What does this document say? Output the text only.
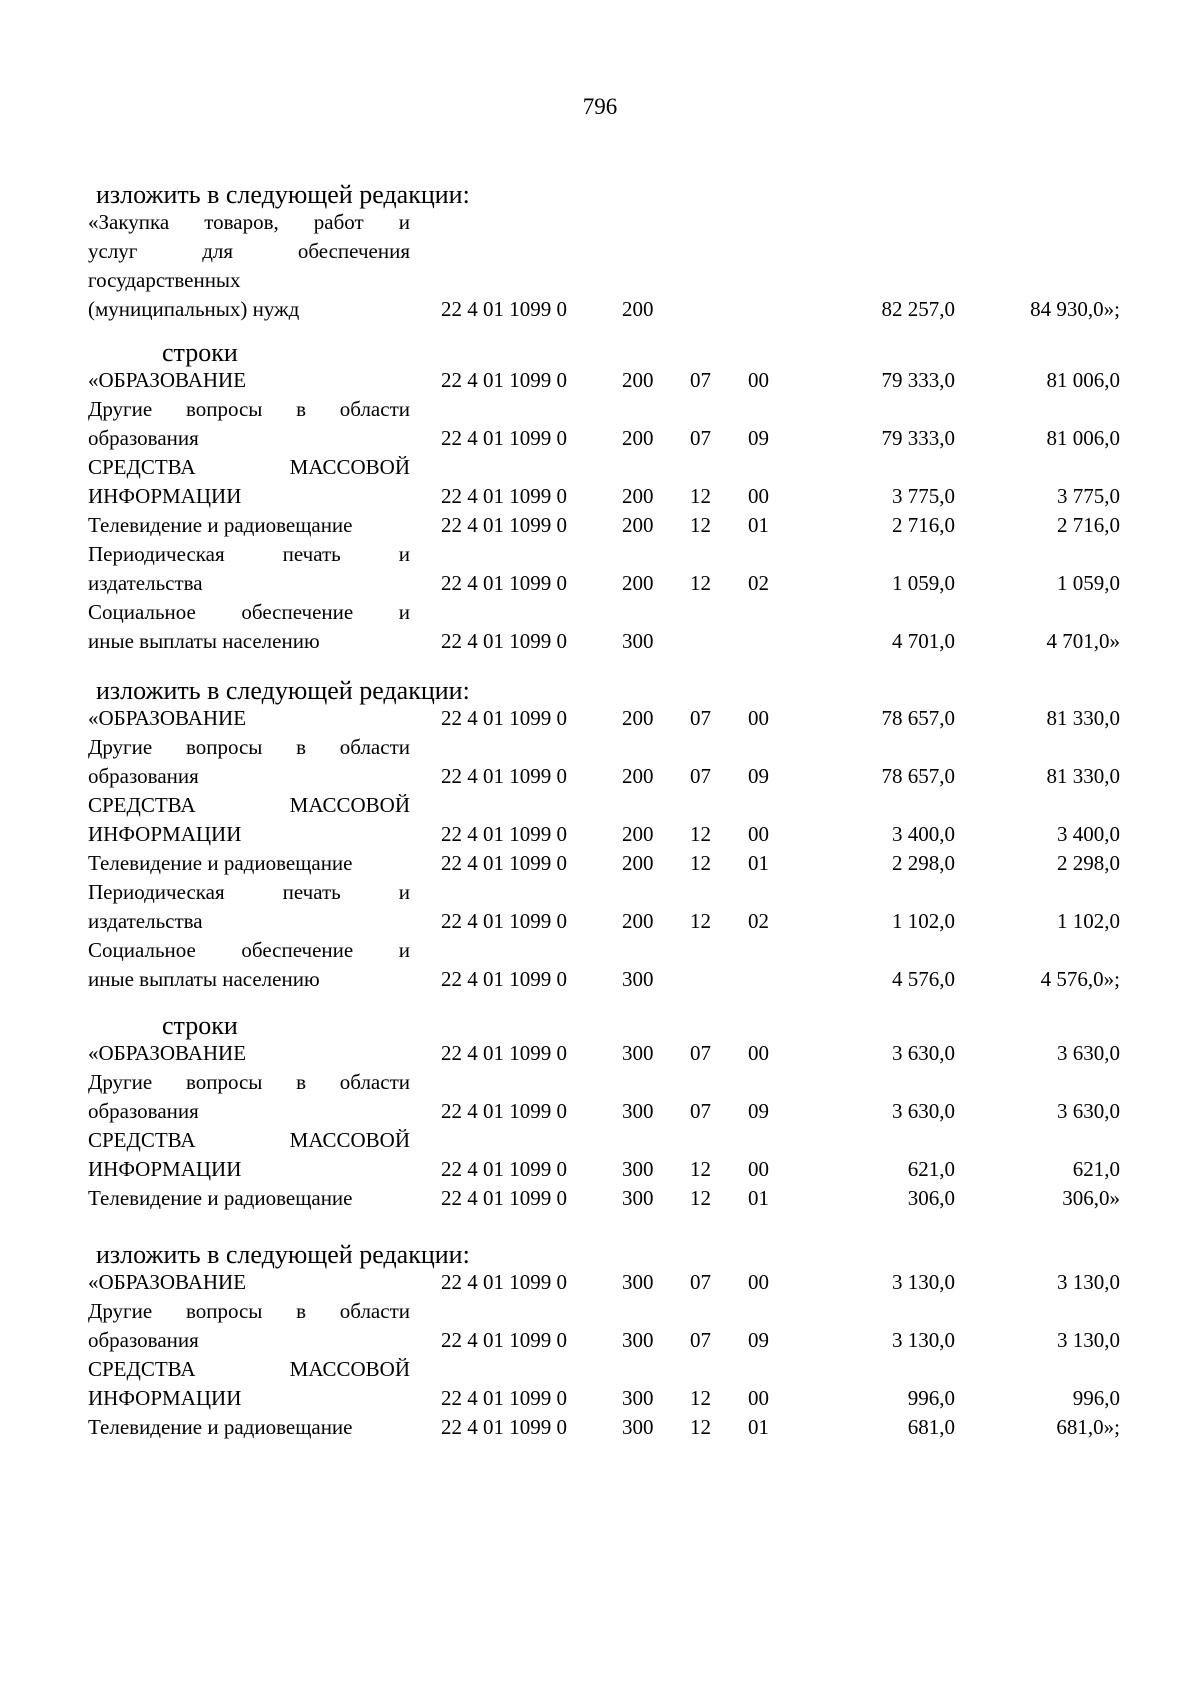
796
изложить в следующей редакции:
«Закупка товаров, работ и
услуг для обеспечения
государственных
(муниципальных) нужд	22 4 01 1099 0	200	82 257,0	84 930,0»;
строки
«ОБРАЗОВАНИЕ	22 4 01 1099 0	200 07 00	79 333,0	81 006,0
Другие вопросы в области
образования	22 4 01 1099 0	200 07 09	79 333,0	81 006,0
СРЕДСТВА МАССОВОЙ
ИНФОРМАЦИИ	22 4 01 1099 0	200 12 00	3 775,0	3 775,0
Телевидение и радиовещание	22 4 01 1099 0	200 12 01	2 716,0	2 716,0
Периодическая печать и
издательства	22 4 01 1099 0	200 12 02	1 059,0	1 059,0
Социальное обеспечение и
иные выплаты населению	22 4 01 1099 0	300	4 701,0	4 701,0»
изложить в следующей редакции:
«ОБРАЗОВАНИЕ	22 4 01 1099 0	200 07 00	78 657,0	81 330,0
Другие вопросы в области
образования	22 4 01 1099 0	200 07 09	78 657,0	81 330,0
СРЕДСТВА МАССОВОЙ
ИНФОРМАЦИИ	22 4 01 1099 0	200 12 00	3 400,0	3 400,0
Телевидение и радиовещание	22 4 01 1099 0	200 12 01	2 298,0	2 298,0
Периодическая печать и
издательства	22 4 01 1099 0	200 12 02	1 102,0	1 102,0
Социальное обеспечение и
иные выплаты населению	22 4 01 1099 0	300	4 576,0	4 576,0»;
строки
«ОБРАЗОВАНИЕ	22 4 01 1099 0	300 07 00	3 630,0	3 630,0
Другие вопросы в области
образования	22 4 01 1099 0	300 07 09	3 630,0	3 630,0
СРЕДСТВА МАССОВОЙ
ИНФОРМАЦИИ	22 4 01 1099 0	300 12 00	621,0	621,0
Телевидение и радиовещание	22 4 01 1099 0	300 12 01	306,0	306,0»
изложить в следующей редакции:
«ОБРАЗОВАНИЕ	22 4 01 1099 0	300 07 00	3 130,0	3 130,0
Другие вопросы в области
образования	22 4 01 1099 0	300 07 09	3 130,0	3 130,0
СРЕДСТВА МАССОВОЙ
ИНФОРМАЦИИ	22 4 01 1099 0	300 12 00	996,0	996,0
Телевидение и радиовещание	22 4 01 1099 0	300 12 01	681,0	681,0»;
